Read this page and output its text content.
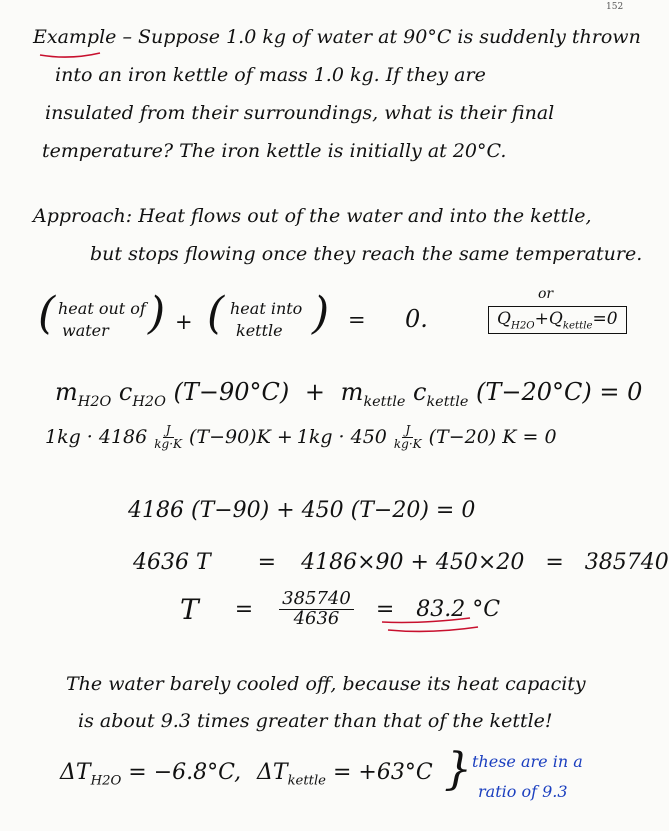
152
Example – Suppose 1.0 kg of water at 90°C is suddenly thrown
into an iron kettle of mass 1.0 kg. If they are
insulated from their surroundings, what is their final
temperature? The iron kettle is initially at 20°C.
Approach: Heat flows out of the water and into the kettle,
but stops flowing once they reach the same temperature.
( heat out of
water ) + ( heat into
kettle ) = 0.
or
$Q_{H2O}+Q_{kettle}=0$
$m_{H2O}$ $c_{H2O}$ $(T-90^\circ C) + m_{kettle}$ $c_{kettle}$ (T−20°C) = 0
$1kg \cdot 4186 \frac{J}{kg\cdot K} (T-90)K + 1kg \cdot 450 \frac{J}{kg\cdot K} (T-20) K = 0$
4186 (T−90) + 450 (T−20) = 0
4636 T = 4186×90 + 450×20 = 385740
T	=	$\frac{385740}{4636}$	=	83.2 °C
The water barely cooled off, because its heat capacity
is about 9.3 times greater than that of the kettle!
$\Delta T_{H2O} = -6.8^\circ C$, $\Delta T_{kettle} = +63^\circ C$ } these are in a
ratio of 9.3
